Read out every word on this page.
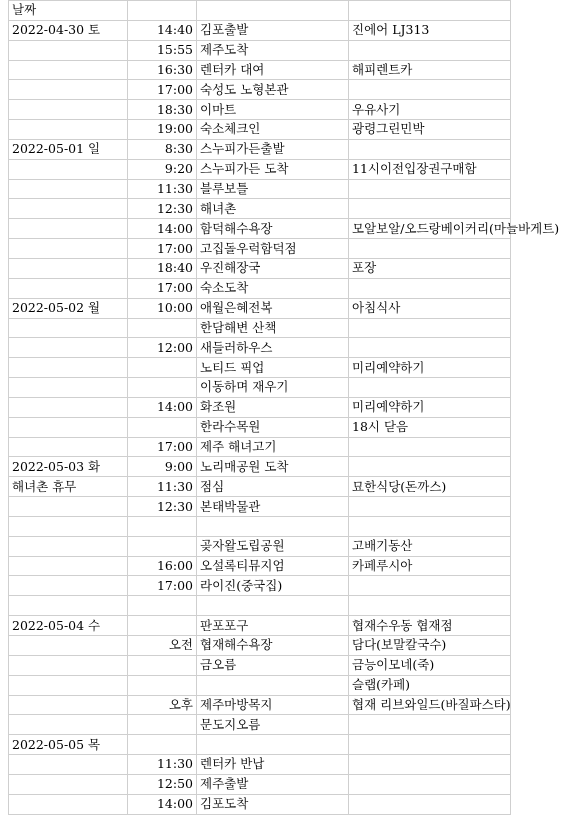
날짜			
2022-04-30 토	14:40	김포출발	진에어 LJ313
	15:55	제주도착	
	16:30	렌터카 대여	해피렌트카
	17:00	숙성도 노형본관	
	18:30	이마트	우유사기
	19:00	숙소체크인	광령그린민박
2022-05-01 일	8:30	스누피가든출발	
	9:20	스누피가든 도착	11시이전입장권구매함
	11:30	블루보틀	
	12:30	해녀촌	
	14:00	함덕해수욕장	모알보알/오드랑베이커리(마늘바게트)
	17:00	고집돌우럭함덕점	
	18:40	우진해장국	포장
	17:00	숙소도착	
2022-05-02 월	10:00	애월은혜전복	아침식사
		한담해변 산책	
	12:00	새들러하우스	
		노티드 픽업	미리예약하기
		이동하며 재우기	
	14:00	화조원	미리예약하기
		한라수목원	18시 닫음
	17:00	제주 해녀고기	
2022-05-03 화	9:00	노리매공원 도착	
해녀촌 휴무	11:30	점심	묘한식당(돈까스)
	12:30	본태박물관	

		곶자왈도립공원	고배기동산
	16:00	오설록티뮤지엄	카페루시아
	17:00	라이진(중국집)	

2022-05-04 수		판포포구	협재수우동 협재점
	오전	협재해수욕장	담다(보말칼국수)
		금오름	금능이모네(죽)
			슬랩(카페)
	오후	제주마방목지	협재 리브와일드(바질파스타)
		문도지오름	
2022-05-05 목			
	11:30	렌터카 반납	
	12:50	제주출발	
	14:00	김포도착	
